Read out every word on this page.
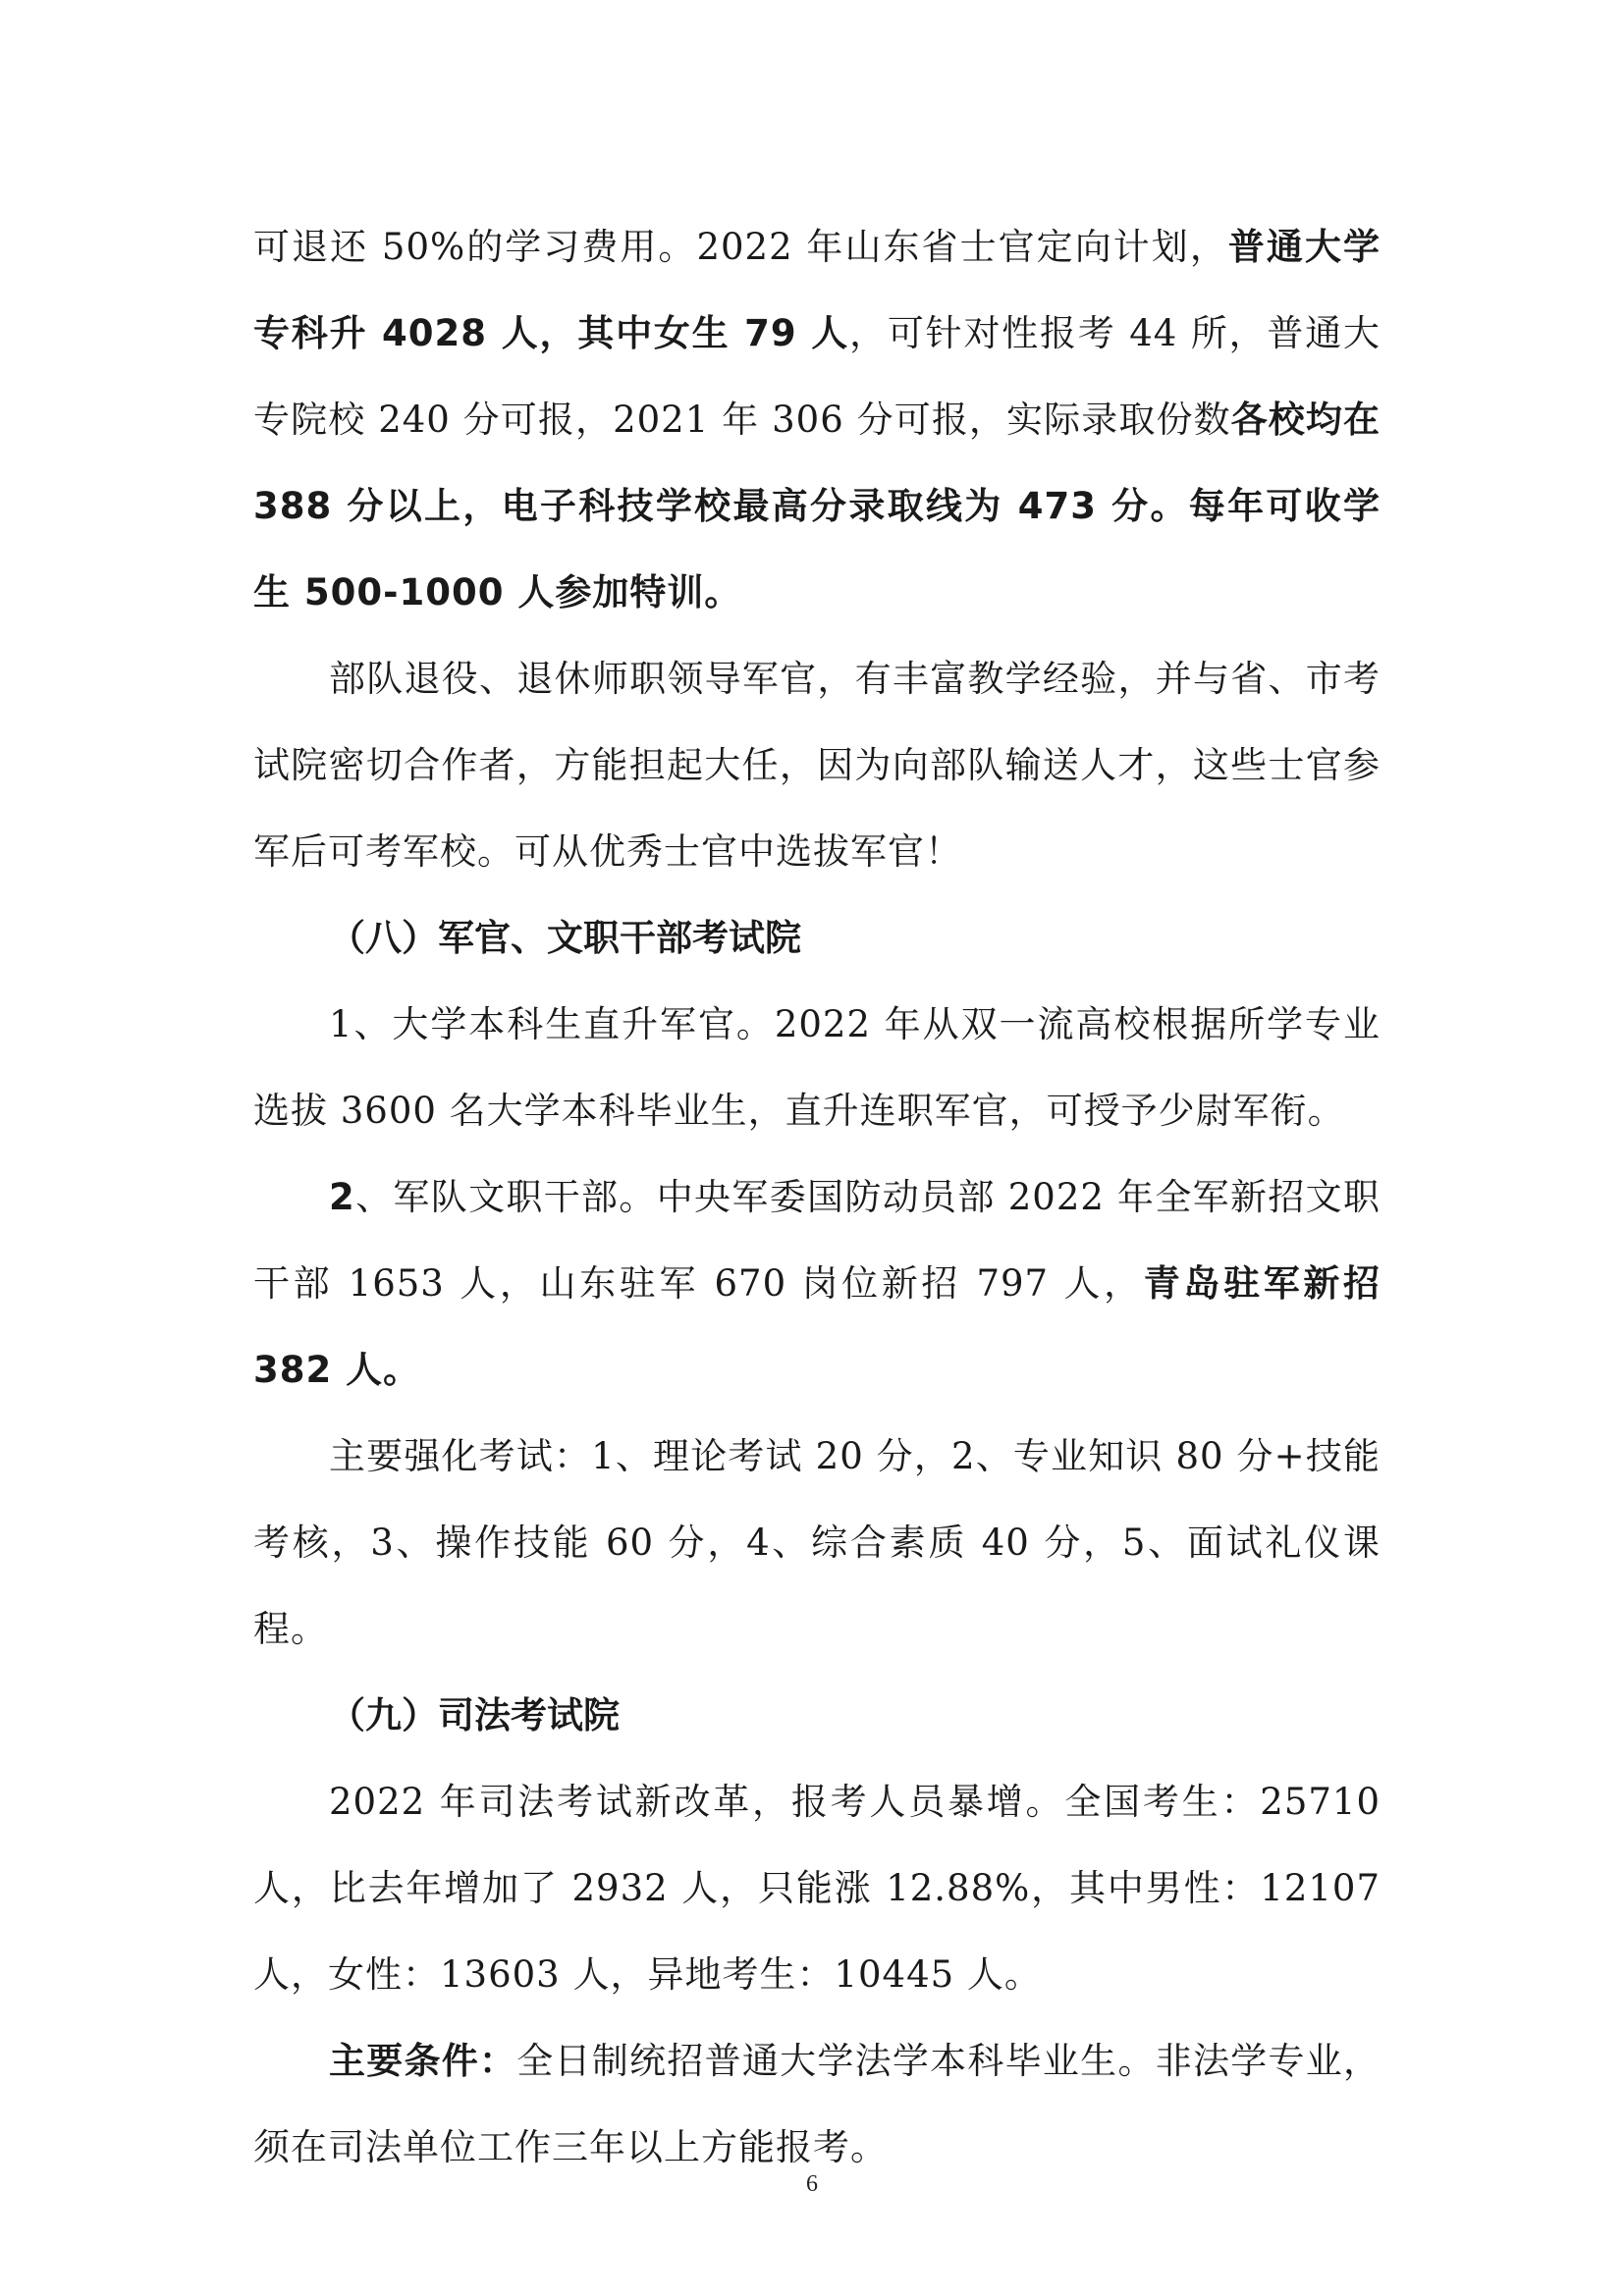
可退还 50%的学习费用。2022 年山东省士官定向计划，普通大学专科升 4028 人，其中女生 79 人，可针对性报考 44 所，普通大专院校 240 分可报，2021 年 306 分可报，实际录取份数各校均在 388 分以上，电子科技学校最高分录取线为 473 分。每年可收学生 500-1000 人参加特训。

部队退役、退休师职领导军官，有丰富教学经验，并与省、市考试院密切合作者，方能担起大任，因为向部队输送人才，这些士官参军后可考军校。可从优秀士官中选拔军官！

（八）军官、文职干部考试院

1、大学本科生直升军官。2022 年从双一流高校根据所学专业选拔 3600 名大学本科毕业生，直升连职军官，可授予少尉军衔。

2、军队文职干部。中央军委国防动员部 2022 年全军新招文职干部 1653 人，山东驻军 670 岗位新招 797 人，青岛驻军新招 382 人。

主要强化考试：1、理论考试 20 分，2、专业知识 80 分+技能考核，3、操作技能 60 分，4、综合素质 40 分，5、面试礼仪课程。

（九）司法考试院

2022 年司法考试新改革，报考人员暴增。全国考生：25710 人，比去年增加了 2932 人，只能涨 12.88%，其中男性：12107 人，女性：13603 人，异地考生：10445 人。

主要条件：全日制统招普通大学法学本科毕业生。非法学专业，须在司法单位工作三年以上方能报考。

6
